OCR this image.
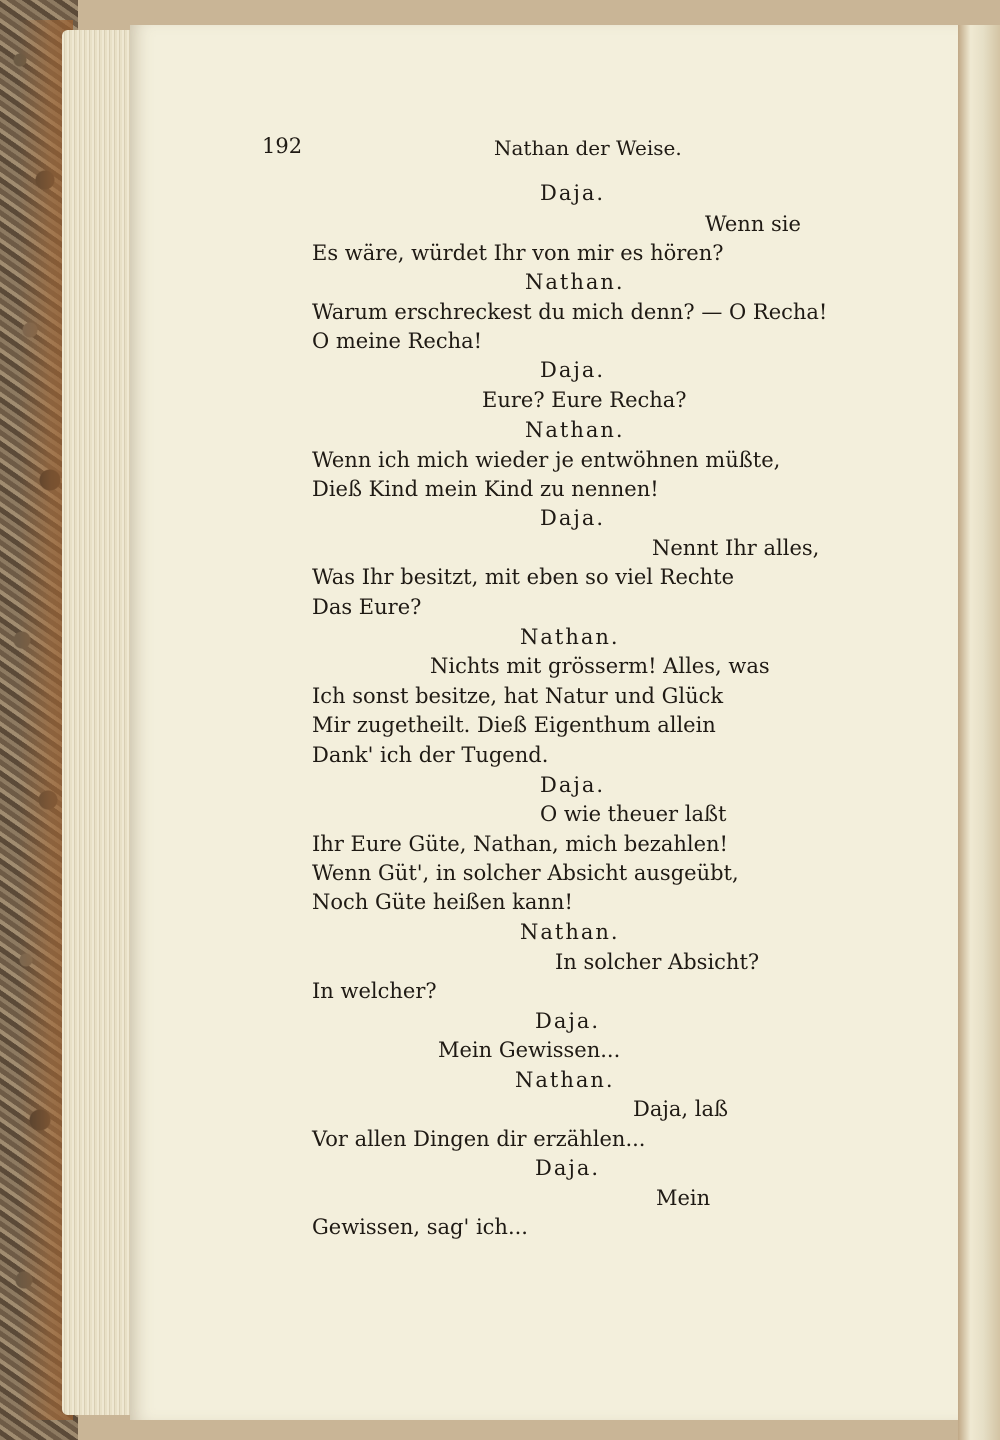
192	Nathan der Weise.
Daja.
Wenn sie
Es wäre, würdet Ihr von mir es hören?
Nathan.
Warum erschreckest du mich denn? — O Recha!
O meine Recha!
Daja.
Eure? Eure Recha?
Nathan.
Wenn ich mich wieder je entwöhnen müßte,
Dieß Kind mein Kind zu nennen!
Daja.
Nennt Ihr alles,
Was Ihr besitzt, mit eben so viel Rechte
Das Eure?
Nathan.
Nichts mit grösserm! Alles, was
Ich sonst besitze, hat Natur und Glück
Mir zugetheilt. Dieß Eigenthum allein
Dank' ich der Tugend.
Daja.
O wie theuer laßt
Ihr Eure Güte, Nathan, mich bezahlen!
Wenn Güt', in solcher Absicht ausgeübt,
Noch Güte heißen kann!
Nathan.
In solcher Absicht?
In welcher?
Daja.
Mein Gewissen...
Nathan.
Daja, laß
Vor allen Dingen dir erzählen...
Daja.
Mein
Gewissen, sag' ich...
